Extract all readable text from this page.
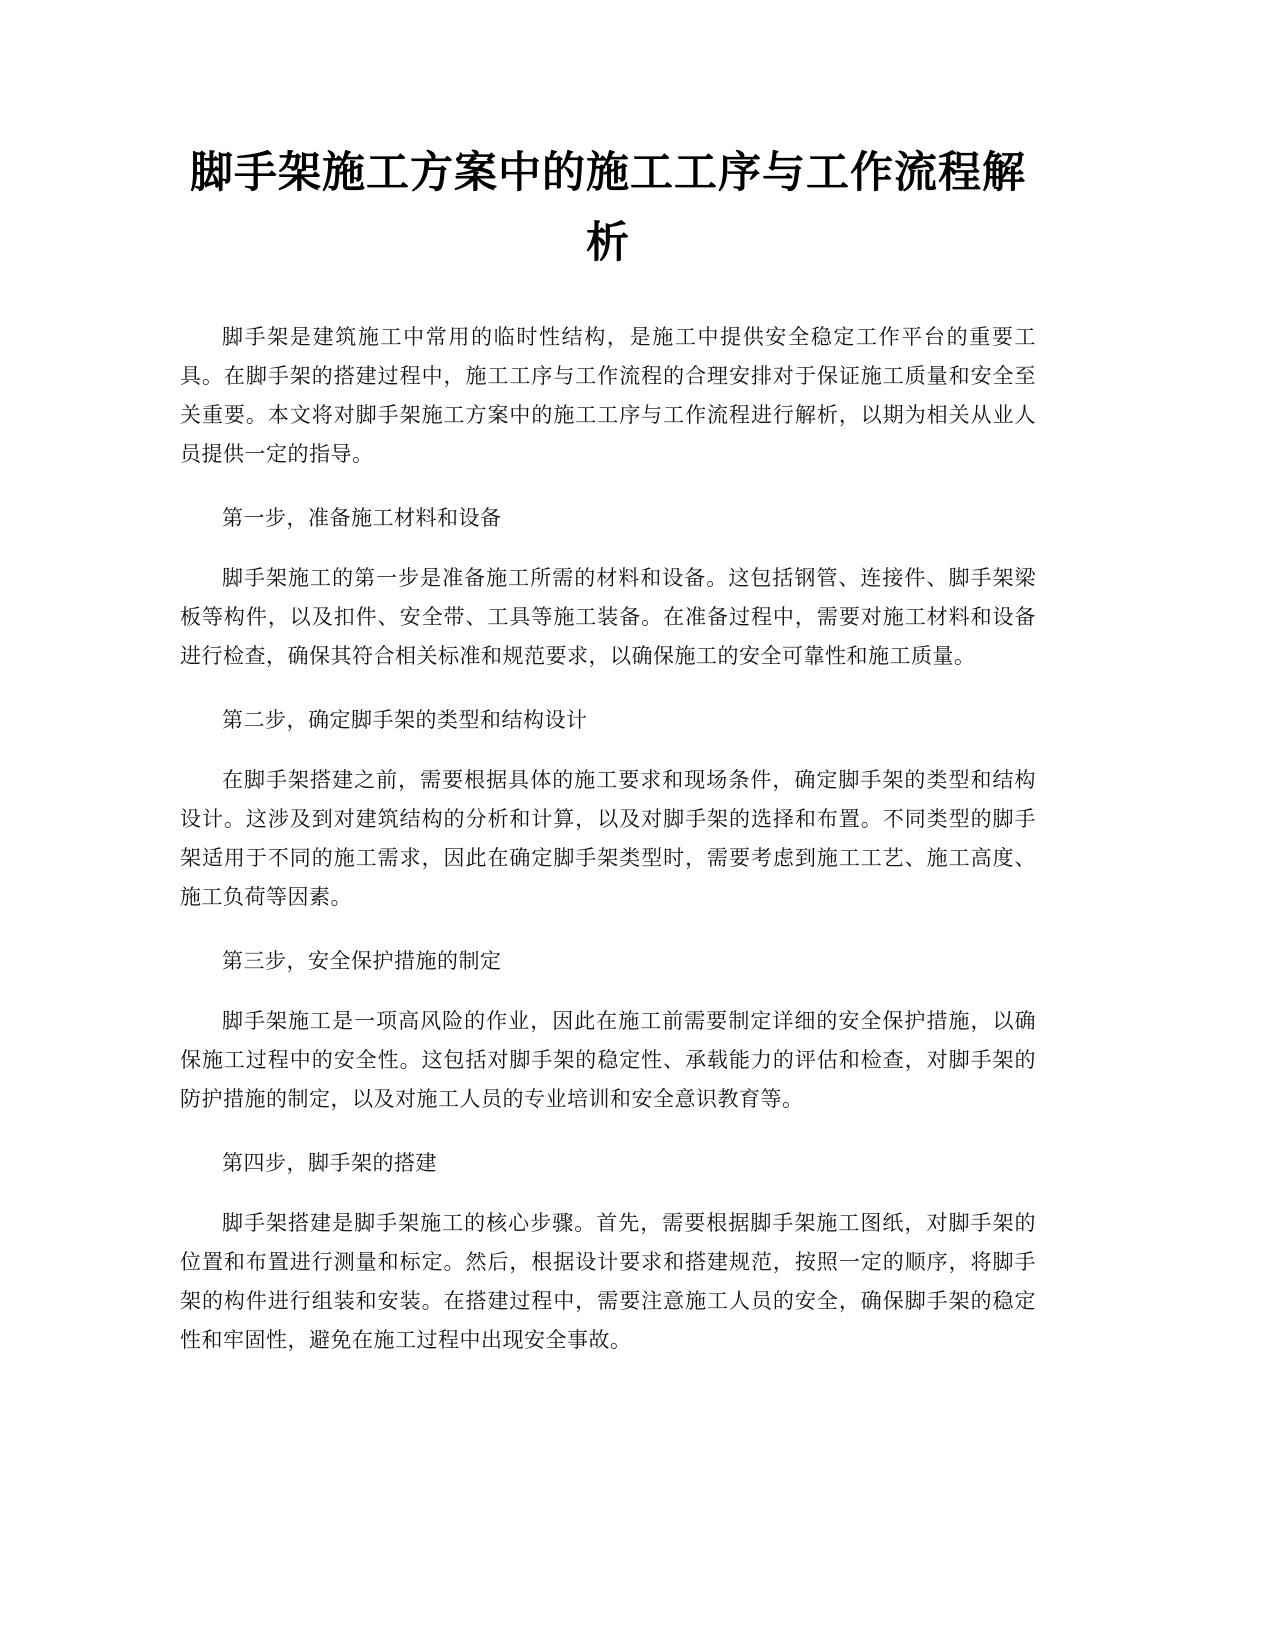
脚手架施工方案中的施工工序与工作流程解析

脚手架是建筑施工中常用的临时性结构，是施工中提供安全稳定工作平台的重要工具。在脚手架的搭建过程中，施工工序与工作流程的合理安排对于保证施工质量和安全至关重要。本文将对脚手架施工方案中的施工工序与工作流程进行解析，以期为相关从业人员提供一定的指导。

第一步，准备施工材料和设备

脚手架施工的第一步是准备施工所需的材料和设备。这包括钢管、连接件、脚手架梁板等构件，以及扣件、安全带、工具等施工装备。在准备过程中，需要对施工材料和设备进行检查，确保其符合相关标准和规范要求，以确保施工的安全可靠性和施工质量。

第二步，确定脚手架的类型和结构设计

在脚手架搭建之前，需要根据具体的施工要求和现场条件，确定脚手架的类型和结构设计。这涉及到对建筑结构的分析和计算，以及对脚手架的选择和布置。不同类型的脚手架适用于不同的施工需求，因此在确定脚手架类型时，需要考虑到施工工艺、施工高度、施工负荷等因素。

第三步，安全保护措施的制定

脚手架施工是一项高风险的作业，因此在施工前需要制定详细的安全保护措施，以确保施工过程中的安全性。这包括对脚手架的稳定性、承载能力的评估和检查，对脚手架的防护措施的制定，以及对施工人员的专业培训和安全意识教育等。

第四步，脚手架的搭建

脚手架搭建是脚手架施工的核心步骤。首先，需要根据脚手架施工图纸，对脚手架的位置和布置进行测量和标定。然后，根据设计要求和搭建规范，按照一定的顺序，将脚手架的构件进行组装和安装。在搭建过程中，需要注意施工人员的安全，确保脚手架的稳定性和牢固性，避免在施工过程中出现安全事故。
